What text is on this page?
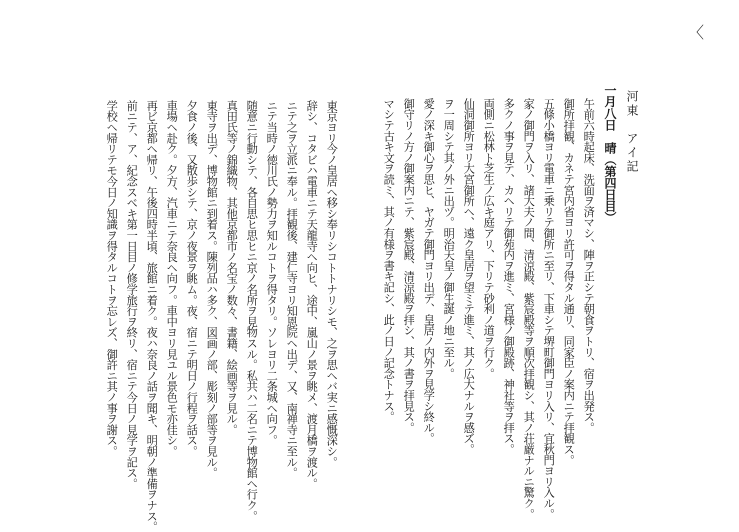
〈
河東　アイ記
一月八日　晴（第四日目）
午前六時起床、洗面ヲ済マシ、陣ヲ正シテ朝食ヲトリ、宿ヲ出発ス。
御所拝観、カネテ宮内省ヨリ許可ヲ得タル通リ、同家臣ノ案内ニテ拝観ス。
五條小橋ヨリ電車ニ乗リテ御所ニ至リ、下車シテ堺町御門ヨリ入リ、宜秋門ヨリ入ル。
家ノ御門ヲ入リ、諸大夫ノ間、清涼殿、紫宸殿等ヲ順次拝観シ、其ノ荘厳ナルニ驚ク。
多クノ事ヲ見テ、カヘリテ御苑内ヲ進ミ、宮様ノ御殿跡、神社等ヲ拝ス。
両側ニ松林ト芝生ノ広キ庭アリ、下リテ砂利ノ道ヲ行ク。
仙洞御所ヨリ大宮御所ヘ、遠ク皇居ヲ望ミテ進ミ、其ノ広大ナルヲ感ズ。
ヲ一周シテ其ノ外ニ出ヅ。明治天皇ノ御生誕ノ地ニ至ル。
愛ノ深キ御心ヲ思ヒ、ヤガテ御門ヨリ出デ、皇居ノ内外ヲ見学シ終ル。
御守リノ方ノ御案内ニテ、紫宸殿、清涼殿ヲ拝シ、其ノ書ヲ拝見ス。
マシテ古キ文ヲ読ミ、其ノ有様ヲ書キ記シ、此ノ日ノ記念トナス。
東京ヨリ今ノ皇居ヘ移シ奉リシコトトナリシモ、之ヲ思ヘバ実ニ感慨深シ。
辞シ、コタビハ電車ニテ天龍寺ヘ向ヒ、途中、嵐山ノ景ヲ眺メ、渡月橋ヲ渡ル。
ニテ之ヲ立派ニ奉ル。拝観後、建仁寺ヨリ知恩院ヘ出デ、又、南禅寺ニ至ル。
ニテ当時ノ徳川氏ノ勢力ヲ知ルコトヲ得タリ。ソレヨリ二条城ヘ向フ。
随意ニ行動シテ、各自思ヒ思ヒニ京ノ名所ヲ見物スル。私共ハ二名ニテ博物館ヘ行ク。
真田氏等ノ錦織物、其他京都市ノ名宝ノ数々、書籍、絵画等ヲ見ル。
東寺ヲ出デ、博物館ニ到着ス。陳列品ハ多ク、図画ノ部、彫刻ノ部等ヲ見ル。
夕食ノ後、又散歩シテ、京ノ夜景ヲ眺ム。夜、宿ニテ明日ノ行程ヲ話ス。
車場ヘ赴ク。夕方、汽車ニテ奈良ヘ向フ。車中ヨリ見ユル景色モ亦佳シ。
再ビ京都ヘ帰リ、午後四時半頃、旅館ニ着ク。夜ハ奈良ノ話ヲ聞キ、明朝ノ準備ヲナス。
前ニテ、ア、紀念スベキ第一日目ノ修学旅行ヲ終リ、宿ニテ今日ノ見学ヲ記ス。
学校ヘ帰リテモ今日ノ知識ヲ得タルコトヲ忘レズ、御許ニ其ノ事ヲ謝ス。
